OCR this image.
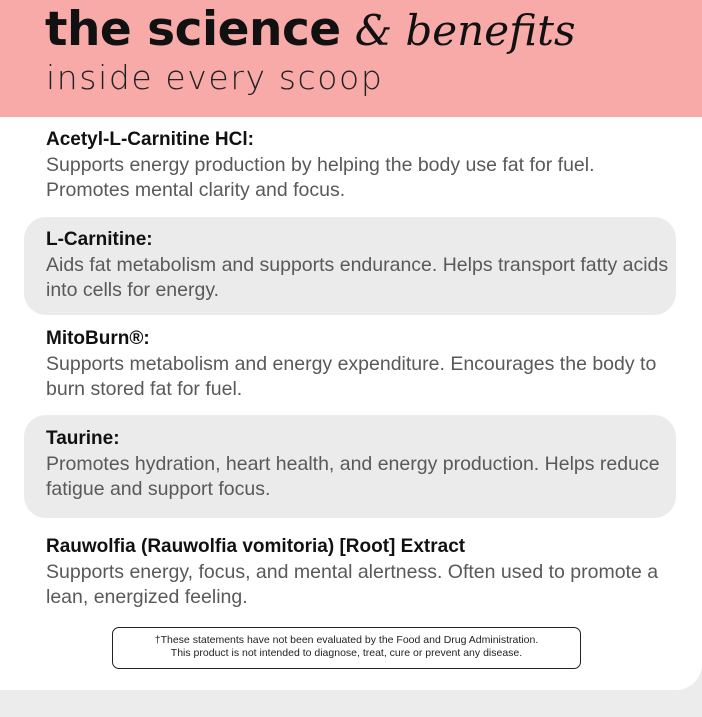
the science & benefits
inside every scoop
Acetyl-L-Carnitine HCl:
Supports energy production by helping the body use fat for fuel. Promotes mental clarity and focus.
L-Carnitine:
Aids fat metabolism and supports endurance. Helps transport fatty acids into cells for energy.
MitoBurn®:
Supports metabolism and energy expenditure. Encourages the body to burn stored fat for fuel.
Taurine:
Promotes hydration, heart health, and energy production. Helps reduce fatigue and support focus.
Rauwolfia (Rauwolfia vomitoria) [Root] Extract
Supports energy, focus, and mental alertness. Often used to promote a lean, energized feeling.
†These statements have not been evaluated by the Food and Drug Administration.
This product is not intended to diagnose, treat, cure or prevent any disease.
